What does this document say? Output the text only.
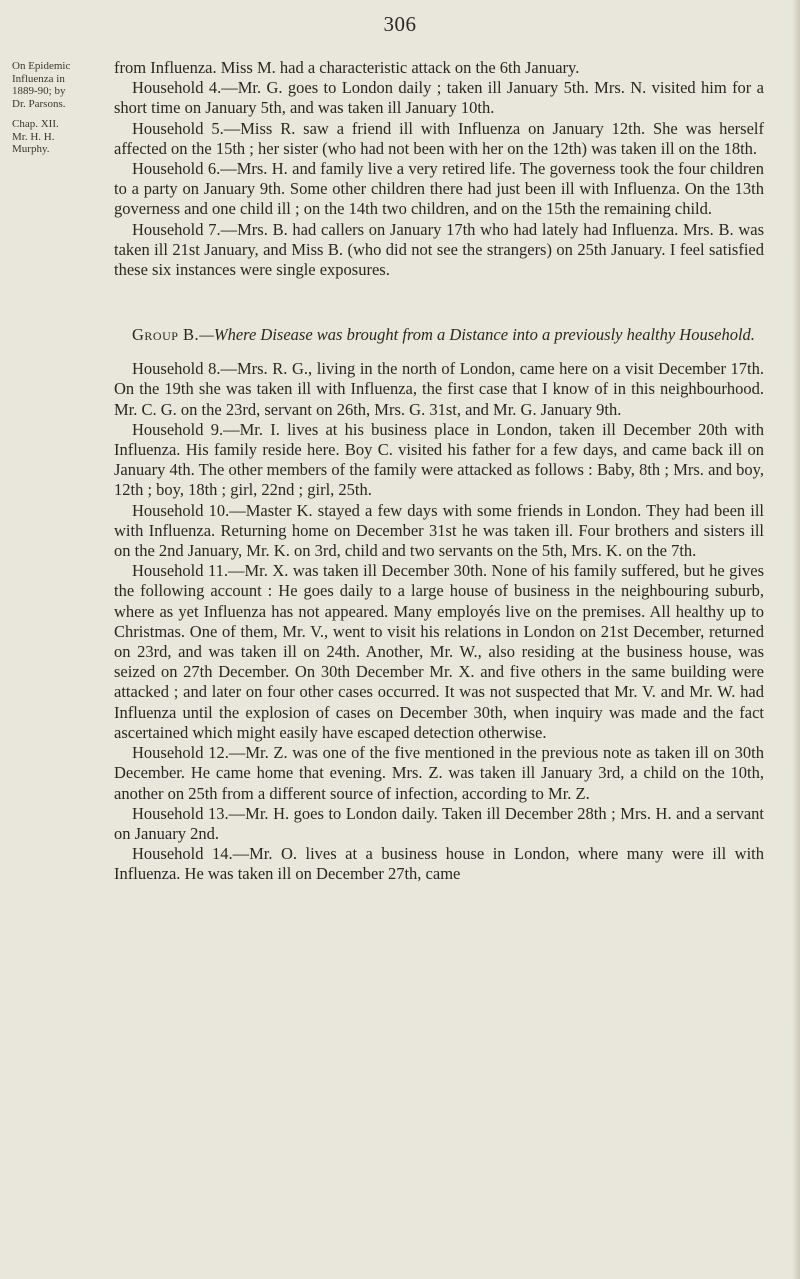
306
On Epidemic
Influenza in
1889-90; by
Dr. Parsons.
Chap. XII.
Mr. H. H.
Murphy.

from Influenza. Miss M. had a characteristic attack on the 6th January.

Household 4.—Mr. G. goes to London daily ; taken ill January 5th. Mrs. N. visited him for a short time on January 5th, and was taken ill January 10th.

Household 5.—Miss R. saw a friend ill with Influenza on January 12th. She was herself affected on the 15th ; her sister (who had not been with her on the 12th) was taken ill on the 18th.

Household 6.—Mrs. H. and family live a very retired life. The governess took the four children to a party on January 9th. Some other children there had just been ill with Influenza. On the 13th governess and one child ill ; on the 14th two children, and on the 15th the remaining child.

Household 7.—Mrs. B. had callers on January 17th who had lately had Influenza. Mrs. B. was taken ill 21st January, and Miss B. (who did not see the strangers) on 25th January. I feel satisfied these six instances were single exposures.

Group B.—Where Disease was brought from a Distance into a previously healthy Household.

Household 8.—Mrs. R. G., living in the north of London, came here on a visit December 17th. On the 19th she was taken ill with Influenza, the first case that I know of in this neighbourhood. Mr. C. G. on the 23rd, servant on 26th, Mrs. G. 31st, and Mr. G. January 9th.

Household 9.—Mr. I. lives at his business place in London, taken ill December 20th with Influenza. His family reside here. Boy C. visited his father for a few days, and came back ill on January 4th. The other members of the family were attacked as follows : Baby, 8th ; Mrs. and boy, 12th ; boy, 18th ; girl, 22nd ; girl, 25th.

Household 10.—Master K. stayed a few days with some friends in London. They had been ill with Influenza. Returning home on December 31st he was taken ill. Four brothers and sisters ill on the 2nd January, Mr. K. on 3rd, child and two servants on the 5th, Mrs. K. on the 7th.

Household 11.—Mr. X. was taken ill December 30th. None of his family suffered, but he gives the following account : He goes daily to a large house of business in the neighbouring suburb, where as yet Influenza has not appeared. Many employés live on the premises. All healthy up to Christmas. One of them, Mr. V., went to visit his relations in London on 21st December, returned on 23rd, and was taken ill on 24th. Another, Mr. W., also residing at the business house, was seized on 27th December. On 30th December Mr. X. and five others in the same building were attacked ; and later on four other cases occurred. It was not suspected that Mr. V. and Mr. W. had Influenza until the explosion of cases on December 30th, when inquiry was made and the fact ascertained which might easily have escaped detection otherwise.

Household 12.—Mr. Z. was one of the five mentioned in the previous note as taken ill on 30th December. He came home that evening. Mrs. Z. was taken ill January 3rd, a child on the 10th, another on 25th from a different source of infection, according to Mr. Z.

Household 13.—Mr. H. goes to London daily. Taken ill December 28th ; Mrs. H. and a servant on January 2nd.

Household 14.—Mr. O. lives at a business house in London, where many were ill with Influenza. He was taken ill on December 27th, came
